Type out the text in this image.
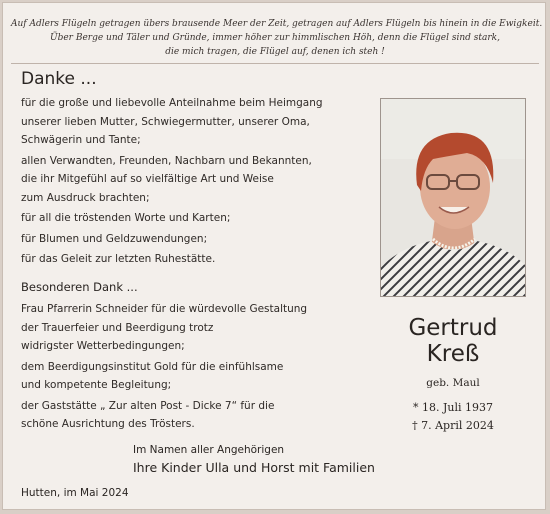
Auf Adlers Flügeln getragen übers brausende Meer der Zeit, getragen auf Adlers Flügeln bis hinein in die Ewigkeit.
Über Berge und Täler und Gründe, immer höher zur himmlischen Höh, denn die Flügel sind stark,
die mich tragen, die Flügel auf, denen ich steh !
Danke ...
für die große und liebevolle Anteilnahme beim Heimgang
unserer lieben Mutter, Schwiegermutter, unserer Oma,
Schwägerin und Tante;
allen Verwandten, Freunden, Nachbarn und Bekannten,
die ihr Mitgefühl auf so vielfältige Art und Weise
zum Ausdruck brachten;
für all die tröstenden Worte und Karten;
für Blumen und Geldzuwendungen;
für das Geleit zur letzten Ruhestätte.
Besonderen Dank ...
Frau Pfarrerin Schneider für die würdevolle Gestaltung
der Trauerfeier und Beerdigung trotz
widrigster Wetterbedingungen;
dem Beerdigungsinstitut Gold für die einfühlsame
und kompetente Begleitung;
der Gaststätte „ Zur alten Post - Dicke 7“ für die
schöne Ausrichtung des Trösters.
Gertrud
Kreß
geb. Maul
* 18. Juli 1937
† 7. April 2024
Im Namen aller Angehörigen
Ihre Kinder Ulla und Horst mit Familien
Hutten, im Mai 2024
